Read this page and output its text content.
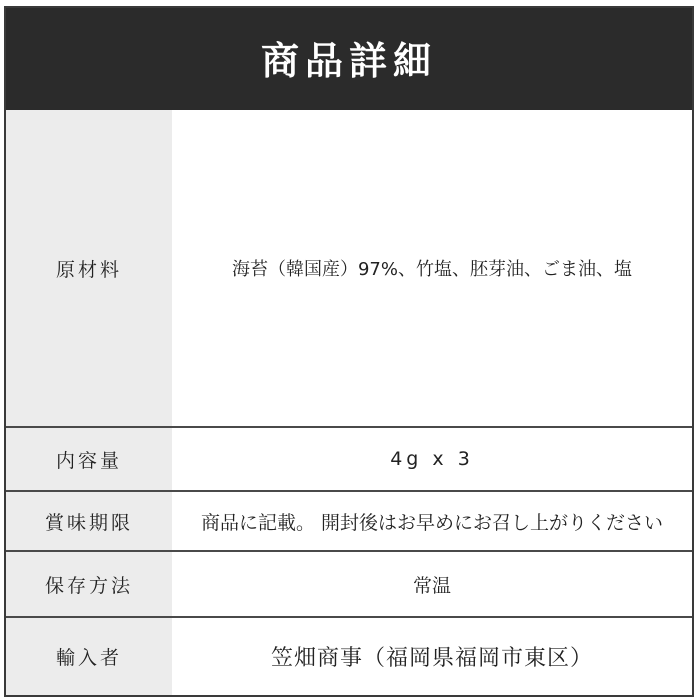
商品詳細
原材料	海苔（韓国産）97%、竹塩、胚芽油、ごま油、塩
内容量	4g x 3
賞味期限	商品に記載。 開封後はお早めにお召し上がりください
保存方法	常温
輸入者	笠畑商事（福岡県福岡市東区）
